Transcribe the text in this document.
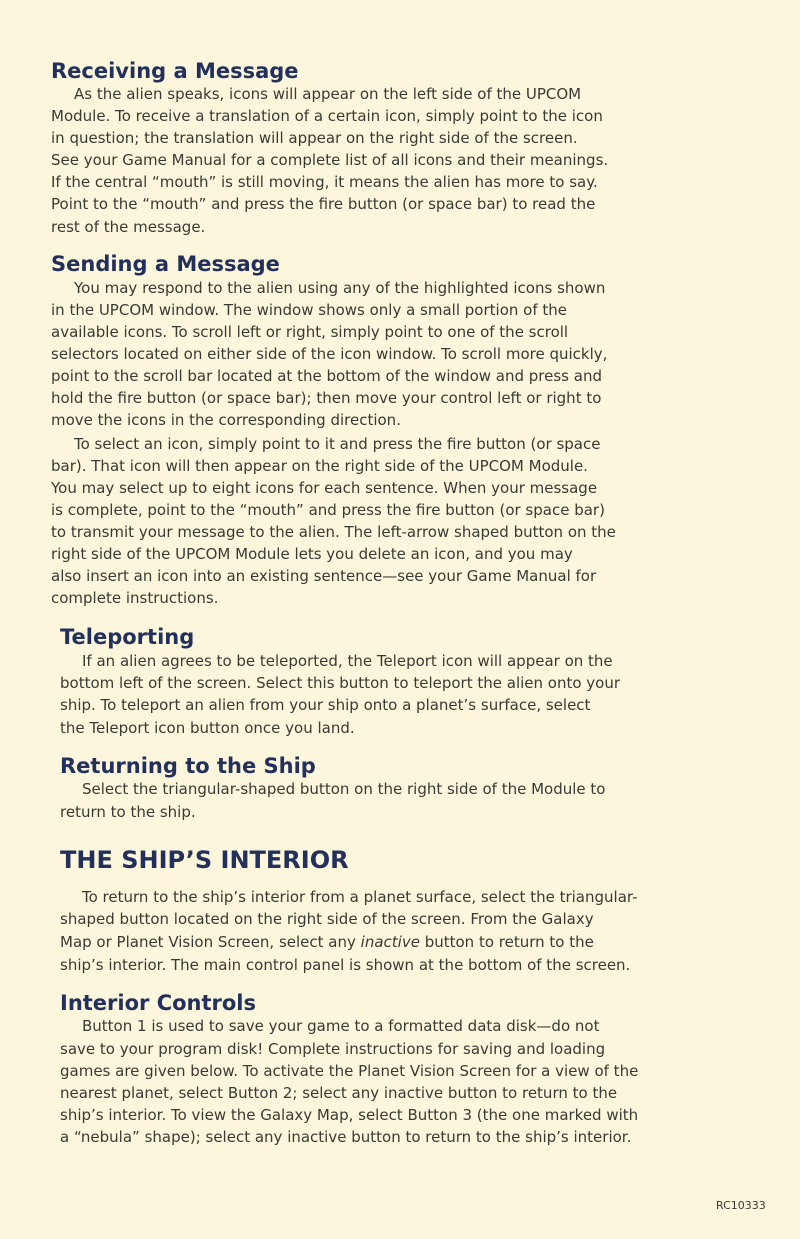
Receiving a Message
As the alien speaks, icons will appear on the left side of the UPCOM
Module. To receive a translation of a certain icon, simply point to the icon
in question; the translation will appear on the right side of the screen.
See your Game Manual for a complete list of all icons and their meanings.
If the central “mouth” is still moving, it means the alien has more to say.
Point to the “mouth” and press the fire button (or space bar) to read the
rest of the message.
Sending a Message
You may respond to the alien using any of the highlighted icons shown
in the UPCOM window. The window shows only a small portion of the
available icons. To scroll left or right, simply point to one of the scroll
selectors located on either side of the icon window. To scroll more quickly,
point to the scroll bar located at the bottom of the window and press and
hold the fire button (or space bar); then move your control left or right to
move the icons in the corresponding direction.
To select an icon, simply point to it and press the fire button (or space
bar). That icon will then appear on the right side of the UPCOM Module.
You may select up to eight icons for each sentence. When your message
is complete, point to the “mouth” and press the fire button (or space bar)
to transmit your message to the alien. The left-arrow shaped button on the
right side of the UPCOM Module lets you delete an icon, and you may
also insert an icon into an existing sentence—see your Game Manual for
complete instructions.
Teleporting
If an alien agrees to be teleported, the Teleport icon will appear on the
bottom left of the screen. Select this button to teleport the alien onto your
ship. To teleport an alien from your ship onto a planet’s surface, select
the Teleport icon button once you land.
Returning to the Ship
Select the triangular-shaped button on the right side of the Module to
return to the ship.
THE SHIP’S INTERIOR
To return to the ship’s interior from a planet surface, select the triangular-
shaped button located on the right side of the screen. From the Galaxy
Map or Planet Vision Screen, select any inactive button to return to the
ship’s interior. The main control panel is shown at the bottom of the screen.
Interior Controls
Button 1 is used to save your game to a formatted data disk—do not
save to your program disk! Complete instructions for saving and loading
games are given below. To activate the Planet Vision Screen for a view of the
nearest planet, select Button 2; select any inactive button to return to the
ship’s interior. To view the Galaxy Map, select Button 3 (the one marked with
a “nebula” shape); select any inactive button to return to the ship’s interior.
RC10333
